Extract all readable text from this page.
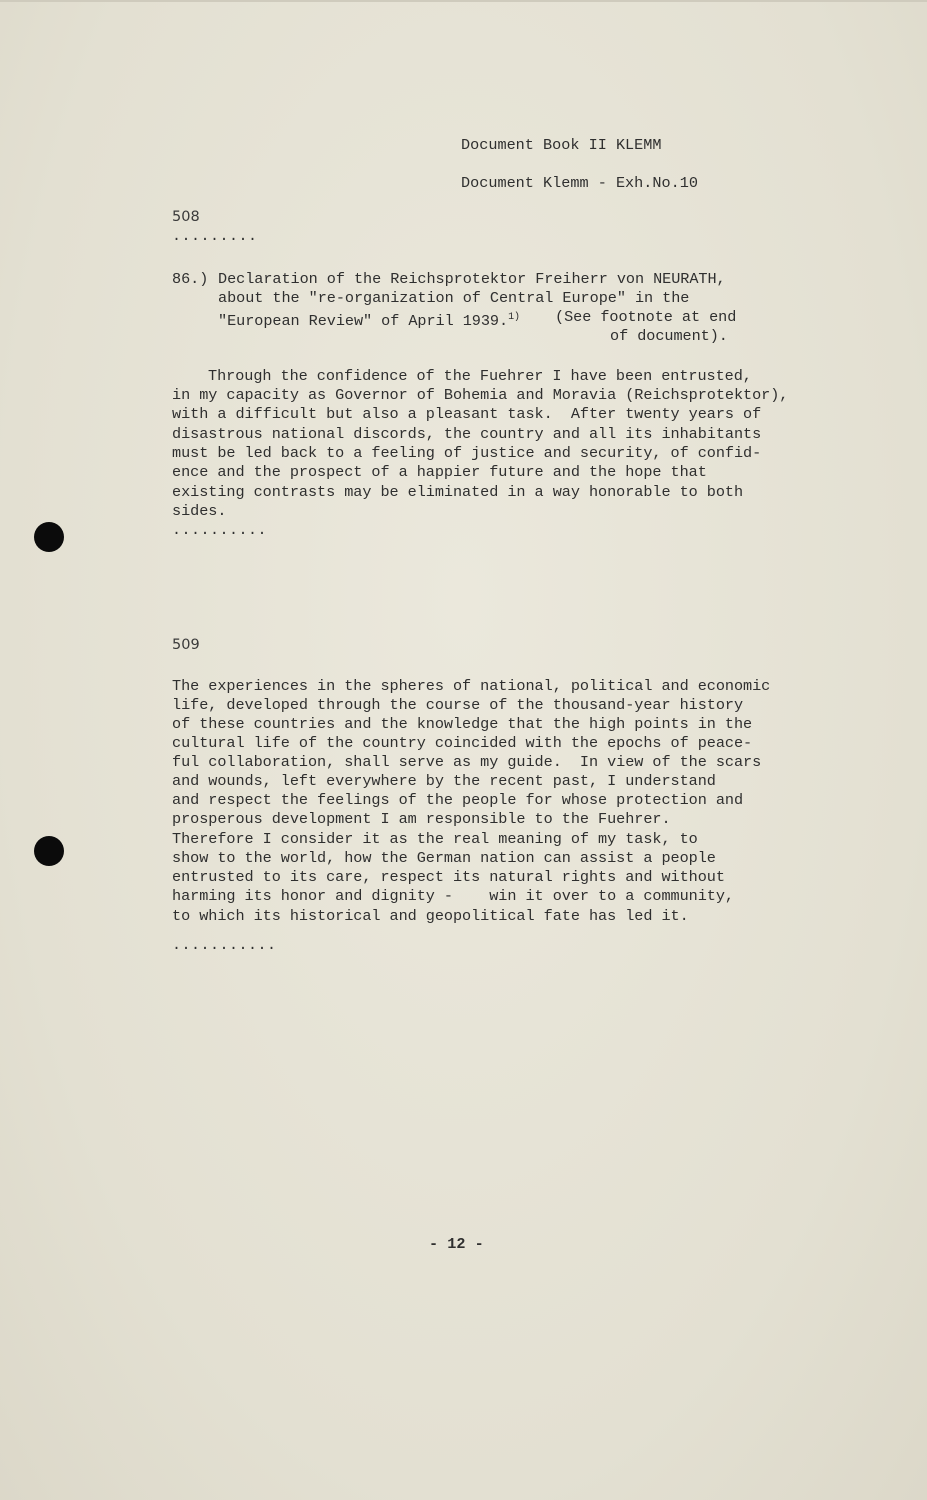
Document Book II KLEMM
Document Klemm - Exh.No.10
508
.........
86.) Declaration of the Reichsprotektor Freiherr von NEURATH,
about the "re-organization of Central Europe" in the
"European Review" of April 1939.$^{1)}$ (See footnote at end
of document).
Through the confidence of the Fuehrer I have been entrusted,
in my capacity as Governor of Bohemia and Moravia (Reichsprotektor),
with a difficult but also a pleasant task.  After twenty years of
disastrous national discords, the country and all its inhabitants
must be led back to a feeling of justice and security, of confid-
ence and the prospect of a happier future and the hope that
existing contrasts may be eliminated in a way honorable to both
sides.
..........
509
The experiences in the spheres of national, political and economic
life, developed through the course of the thousand-year history
of these countries and the knowledge that the high points in the
cultural life of the country coincided with the epochs of peace-
ful collaboration, shall serve as my guide.  In view of the scars
and wounds, left everywhere by the recent past, I understand
and respect the feelings of the people for whose protection and
prosperous development I am responsible to the Fuehrer.
Therefore I consider it as the real meaning of my task, to
show to the world, how the German nation can assist a people
entrusted to its care, respect its natural rights and without
harming its honor and dignity -    win it over to a community,
to which its historical and geopolitical fate has led it.
...........
- 12 -
